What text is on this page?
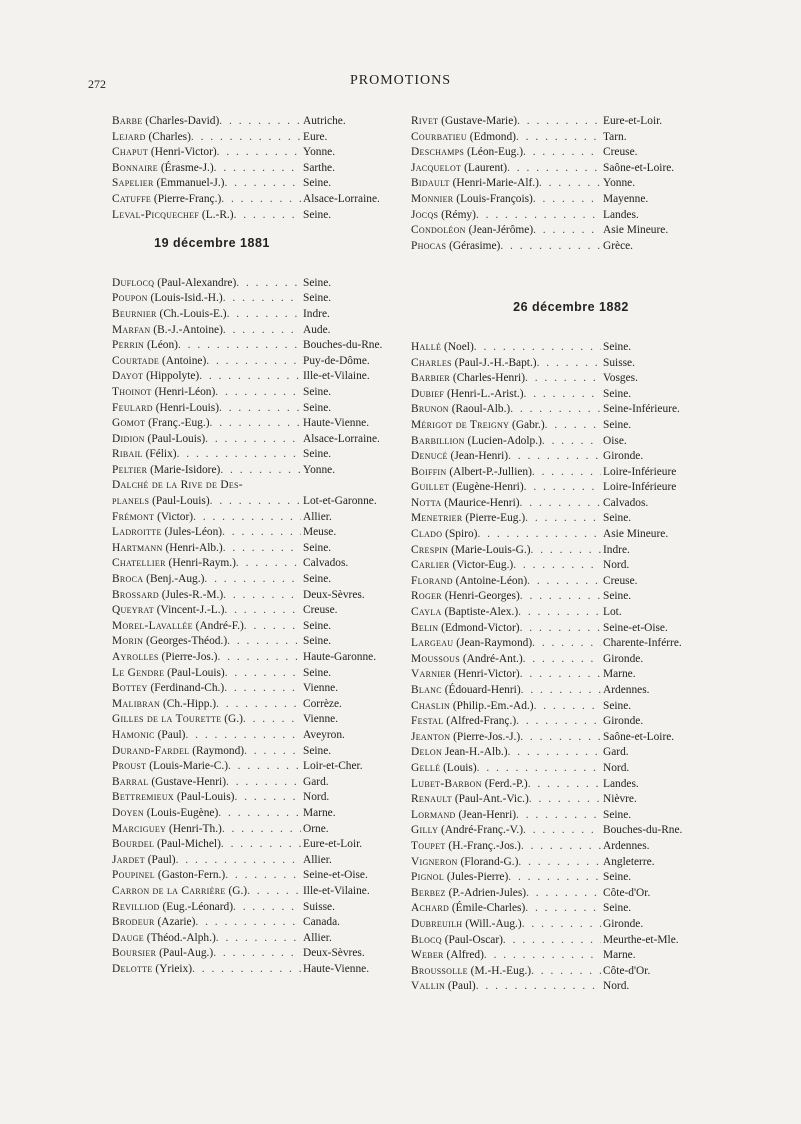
272	PROMOTIONS
Barbe (Charles-David) . . .	Autriche.
Lejard (Charles) . . .	Eure.
Chaput (Henri-Victor) . . .	Yonne.
Bonnaire (Érasme-J.) . . .	Sarthe.
Sapelier (Emmanuel-J.) . . .	Seine.
Catuffe (Pierre-Franç.) . . .	Alsace-Lorraine.
Leval-Picquechef (L.-R.) . . .	Seine.
19 décembre 1881
Duflocq (Paul-Alexandre) . . .	Seine.
Poupon (Louis-Isid.-H.) . . .	Seine.
Beurnier (Ch.-Louis-E.) . . .	Indre.
Marfan (B.-J.-Antoine) . . .	Aude.
Perrin (Léon) . . .	Bouches-du-Rne.
Courtade (Antoine) . . .	Puy-de-Dôme.
Dayot (Hippolyte) . . .	Ille-et-Vilaine.
Thoinot (Henri-Léon) . . .	Seine.
Feulard (Henri-Louis) . . .	Seine.
Gomot (Franç.-Eug.) . . .	Haute-Vienne.
Didion (Paul-Louis) . . .	Alsace-Lorraine.
Ribail (Félix) . . .	Seine.
Peltier (Marie-Isidore) . . .	Yonne.
Dalché de la Rive de Des-
planels (Paul-Louis) . . .	Lot-et-Garonne.
Frémont (Victor) . . .	Allier.
Ladroitte (Jules-Léon) . . .	Meuse.
Hartmann (Henri-Alb.) . . .	Seine.
Chatellier (Henri-Raym.) . . .	Calvados.
Broca (Benj.-Aug.) . . .	Seine.
Brossard (Jules-R.-M.) . . .	Deux-Sèvres.
Queyrat (Vincent-J.-L.) . . .	Creuse.
Morel-Lavallée (André-F.) . . .	Seine.
Morin (Georges-Théod.) . . .	Seine.
Ayrolles (Pierre-Jos.) . . .	Haute-Garonne.
Le Gendre (Paul-Louis) . . .	Seine.
Bottey (Ferdinand-Ch.) . . .	Vienne.
Malibran (Ch.-Hipp.) . . .	Corrèze.
Gilles de la Tourette (G.) . . .	Vienne.
Hamonic (Paul) . . .	Aveyron.
Durand-Fardel (Raymond) . . .	Seine.
Proust (Louis-Marie-C.) . . .	Loir-et-Cher.
Barral (Gustave-Henri) . . .	Gard.
Bettremieux (Paul-Louis) . . .	Nord.
Doyen (Louis-Eugène) . . .	Marne.
Marciguey (Henri-Th.) . . .	Orne.
Bourdel (Paul-Michel) . . .	Eure-et-Loir.
Jardet (Paul) . . .	Allier.
Poupinel (Gaston-Fern.) . . .	Seine-et-Oise.
Carron de la Carrière (G.) . . .	Ille-et-Vilaine.
Revilliod (Eug.-Léonard) . . .	Suisse.
Brodeur (Azarie) . . .	Canada.
Dauge (Théod.-Alph.) . . .	Allier.
Boursier (Paul-Aug.) . . .	Deux-Sèvres.
Delotte (Yrieix) . . .	Haute-Vienne.
Rivet (Gustave-Marie) . . .	Eure-et-Loir.
Courbatieu (Edmond) . . .	Tarn.
Deschamps (Léon-Eug.) . . .	Creuse.
Jacquelot (Laurent) . . .	Saône-et-Loire.
Bidault (Henri-Marie-Alf.) . . .	Yonne.
Monnier (Louis-François) . . .	Mayenne.
Jocqs (Rémy) . . .	Landes.
Condoléon (Jean-Jérôme) . . .	Asie Mineure.
Phocas (Gérasime) . . .	Grèce.
26 décembre 1882
Hallé (Noel) . . .	Seine.
Charles (Paul-J.-H.-Bapt.) . . .	Suisse.
Barbier (Charles-Henri) . . .	Vosges.
Dubief (Henri-L.-Arist.) . . .	Seine.
Brunon (Raoul-Alb.) . . .	Seine-Inférieure.
Mérigot de Treigny (Gabr.) . . .	Seine.
Barbillion (Lucien-Adolp.) . . .	Oise.
Denucé (Jean-Henri) . . .	Gironde.
Boiffin (Albert-P.-Jullien) . . .	Loire-Inférieure
Guillet (Eugène-Henri) . . .	Loire-Inférieure
Notta (Maurice-Henri) . . .	Calvados.
Menetrier (Pierre-Eug.) . . .	Seine.
Clado (Spiro) . . .	Asie Mineure.
Crespin (Marie-Louis-G.) . . .	Indre.
Carlier (Victor-Eug.) . . .	Nord.
Florand (Antoine-Léon) . . .	Creuse.
Roger (Henri-Georges) . . .	Seine.
Cayla (Baptiste-Alex.) . . .	Lot.
Belin (Edmond-Victor) . . .	Seine-et-Oise.
Largeau (Jean-Raymond) . . .	Charente-Inférre.
Moussous (André-Ant.) . . .	Gironde.
Varnier (Henri-Victor) . . .	Marne.
Blanc (Édouard-Henri) . . .	Ardennes.
Chaslin (Philip.-Em.-Ad.) . . .	Seine.
Festal (Alfred-Franç.) . . .	Gironde.
Jeanton (Pierre-Jos.-J.) . . .	Saône-et-Loire.
Delon Jean-H.-Alb.) . . .	Gard.
Gellé (Louis) . . .	Nord.
Lubet-Barbon (Ferd.-P.) . . .	Landes.
Renault (Paul-Ant.-Vic.) . . .	Nièvre.
Lormand (Jean-Henri) . . .	Seine.
Gilly (André-Franç.-V.) . . .	Bouches-du-Rne.
Toupet (H.-Franç.-Jos.) . . .	Ardennes.
Vigneron (Florand-G.) . . .	Angleterre.
Pignol (Jules-Pierre) . . .	Seine.
Berbez (P.-Adrien-Jules) . . .	Côte-d'Or.
Achard (Émile-Charles) . . .	Seine.
Dubreuilh (Will.-Aug.) . . .	Gironde.
Blocq (Paul-Oscar) . . .	Meurthe-et-Mle.
Weber (Alfred) . . .	Marne.
Broussolle (M.-H.-Eug.) . . .	Côte-d'Or.
Vallin (Paul) . . .	Nord.
